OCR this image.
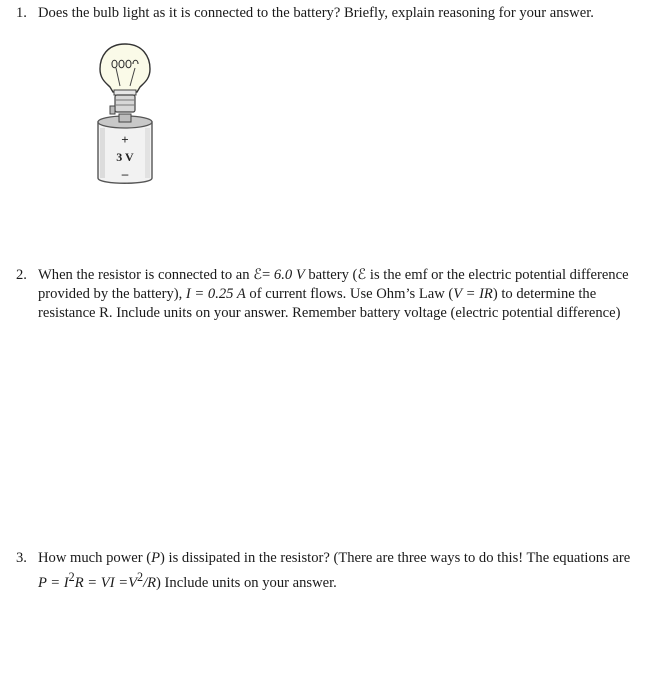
1. Does the bulb light as it is connected to the battery? Briefly, explain reasoning for your answer.
+
3 V
–
2. When the resistor is connected to an ℰ= 6.0 V battery (ℰ is the emf or the electric potential difference provided by the battery), I = 0.25 A of current flows. Use Ohm’s Law (V = IR) to determine the resistance R. Include units on your answer. Remember battery voltage (electric potential difference)
3. How much power (P) is dissipated in the resistor? (There are three ways to do this! The equations are $P = I^2R$ = VI $=V^2/R$) Include units on your answer.
